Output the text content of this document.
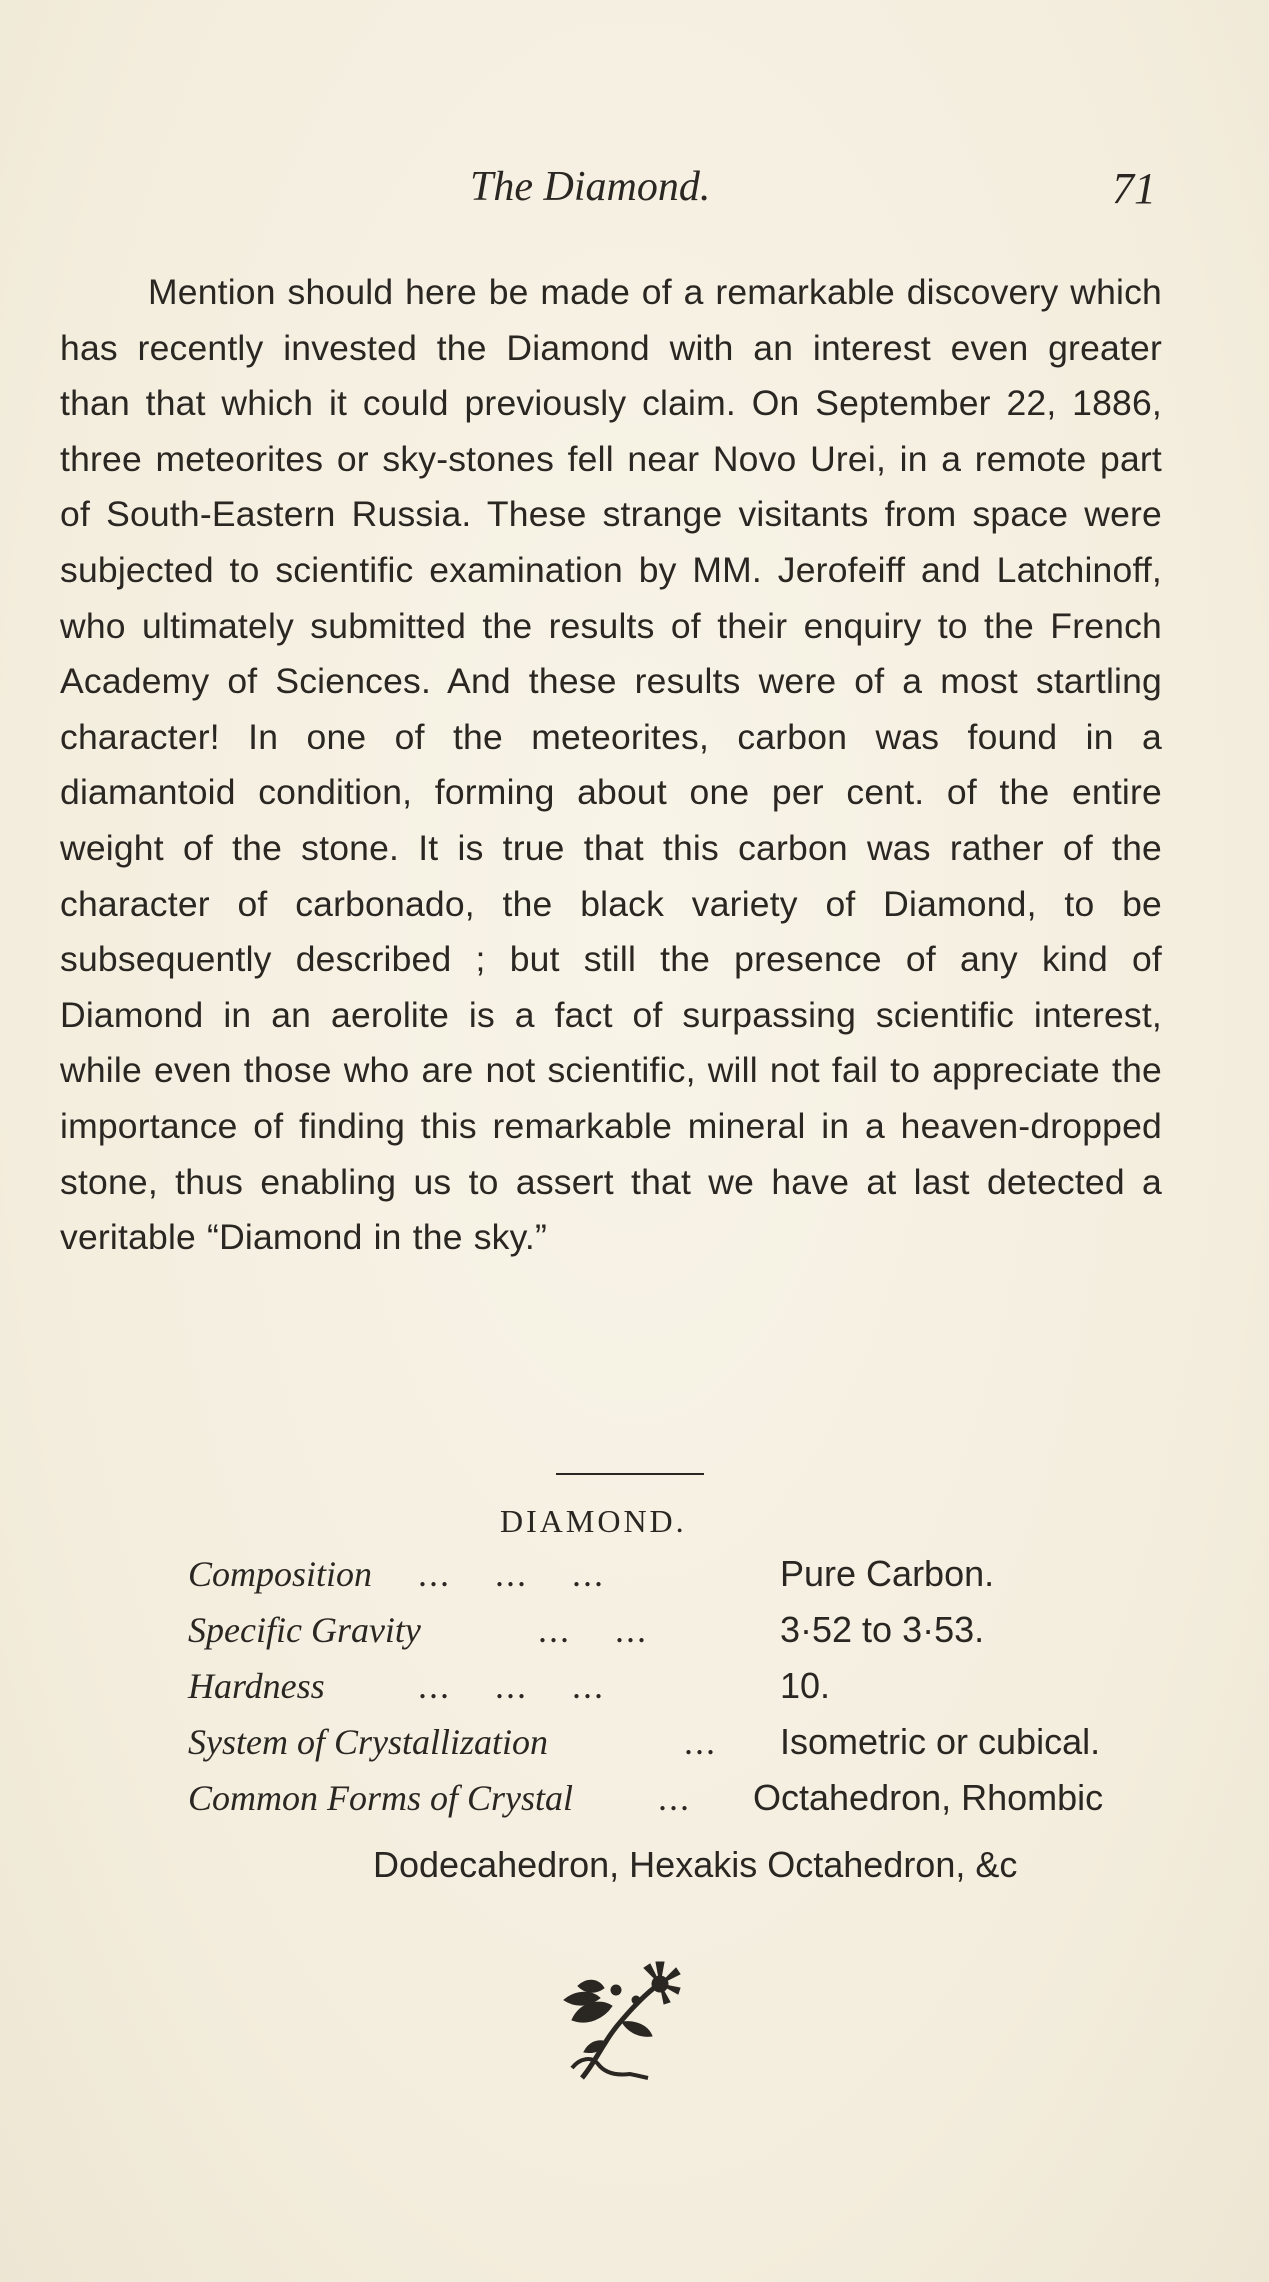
The Diamond.	71

Mention should here be made of a remarkable discovery which has recently invested the Diamond with an interest even greater than that which it could previously claim. On September 22, 1886, three meteorites or sky-stones fell near Novo Urei, in a remote part of South-Eastern Russia. These strange visitants from space were subjected to scientific examination by MM. Jerofeiff and Latchinoff, who ultimately submitted the results of their enquiry to the French Academy of Sciences. And these results were of a most startling character! In one of the meteorites, carbon was found in a diamantoid condition, forming about one per cent. of the entire weight of the stone. It is true that this carbon was rather of the character of carbonado, the black variety of Diamond, to be subsequently described ; but still the presence of any kind of Diamond in an aerolite is a fact of surpassing scientific interest, while even those who are not scientific, will not fail to appreciate the importance of finding this remarkable mineral in a heaven-dropped stone, thus enabling us to assert that we have at last detected a veritable “Diamond in the sky.”

DIAMOND.
Composition ...    ...    ...	Pure Carbon.
Specific Gravity	...    ...	3·52 to 3·53.
Hardness	...    ...    ...	10.
System of Crystallization	... Isometric or cubical.
Common Forms of Crystal ... Octahedron, Rhombic
Dodecahedron, Hexakis Octahedron, &c
